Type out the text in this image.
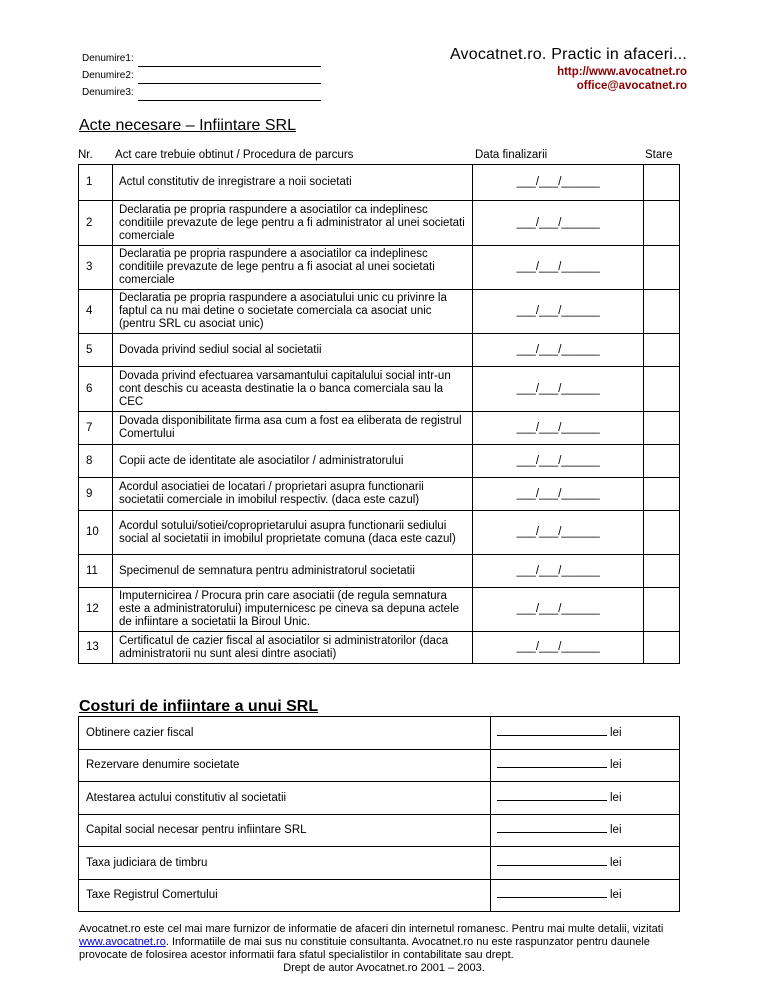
Denumire1:
Denumire2:
Denumire3:
Avocatnet.ro. Practic in afaceri...
http://www.avocatnet.ro
office@avocatnet.ro
Acte necesare – Infiintare SRL
Nr. Act care trebuie obtinut / Procedura de parcurs	Data finalizarii	Stare
1	Actul constitutiv de inregistrare a noii societati	___/___/______	
2	Declaratia pe propria raspundere a asociatilor ca indeplinesc conditiile prevazute de lege pentru a fi administrator al unei societati comerciale	___/___/______	
3	Declaratia pe propria raspundere a asociatilor ca indeplinesc conditiile prevazute de lege pentru a fi asociat al unei societati comerciale	___/___/______	
4	Declaratia pe propria raspundere a asociatului unic cu privinre la faptul ca nu mai detine o societate comerciala ca asociat unic (pentru SRL cu asociat unic)	___/___/______	
5	Dovada privind sediul social al societatii	___/___/______	
6	Dovada privind efectuarea varsamantului capitalului social intr-un cont deschis cu aceasta destinatie la o banca comerciala sau la CEC	___/___/______	
7	Dovada disponibilitate firma asa cum a fost ea eliberata de registrul Comertului	___/___/______	
8	Copii acte de identitate ale asociatilor / administratorului	___/___/______	
9	Acordul asociatiei de locatari / proprietari asupra functionarii societatii comerciale in imobilul respectiv. (daca este cazul)	___/___/______	
10	Acordul sotului/sotiei/coproprietarului asupra functionarii sediului social al societatii in imobilul proprietate comuna (daca este cazul)	___/___/______	
11	Specimenul de semnatura pentru administratorul societatii	___/___/______	
12	Imputernicirea / Procura prin care asociatii (de regula semnatura este a administratorului) imputernicesc pe cineva sa depuna actele de infiintare a societatii la Biroul Unic.	___/___/______	
13	Certificatul de cazier fiscal al asociatilor si administratorilor (daca administratorii nu sunt alesi dintre asociati)	___/___/______	
Costuri de infiintare a unui SRL
Obtinere cazier fiscal	lei
Rezervare denumire societate	lei
Atestarea actului constitutiv al societatii	lei
Capital social necesar pentru infiintare SRL	lei
Taxa judiciara de timbru	lei
Taxe Registrul Comertului	lei
Avocatnet.ro este cel mai mare furnizor de informatie de afaceri din internetul romanesc. Pentru mai multe detalii, vizitati www.avocatnet.ro. Informatiile de mai sus nu constituie consultanta. Avocatnet.ro nu este raspunzator pentru daunele provocate de folosirea acestor informatii fara sfatul specialistilor in contabilitate sau drept.
Drept de autor Avocatnet.ro 2001 – 2003.
